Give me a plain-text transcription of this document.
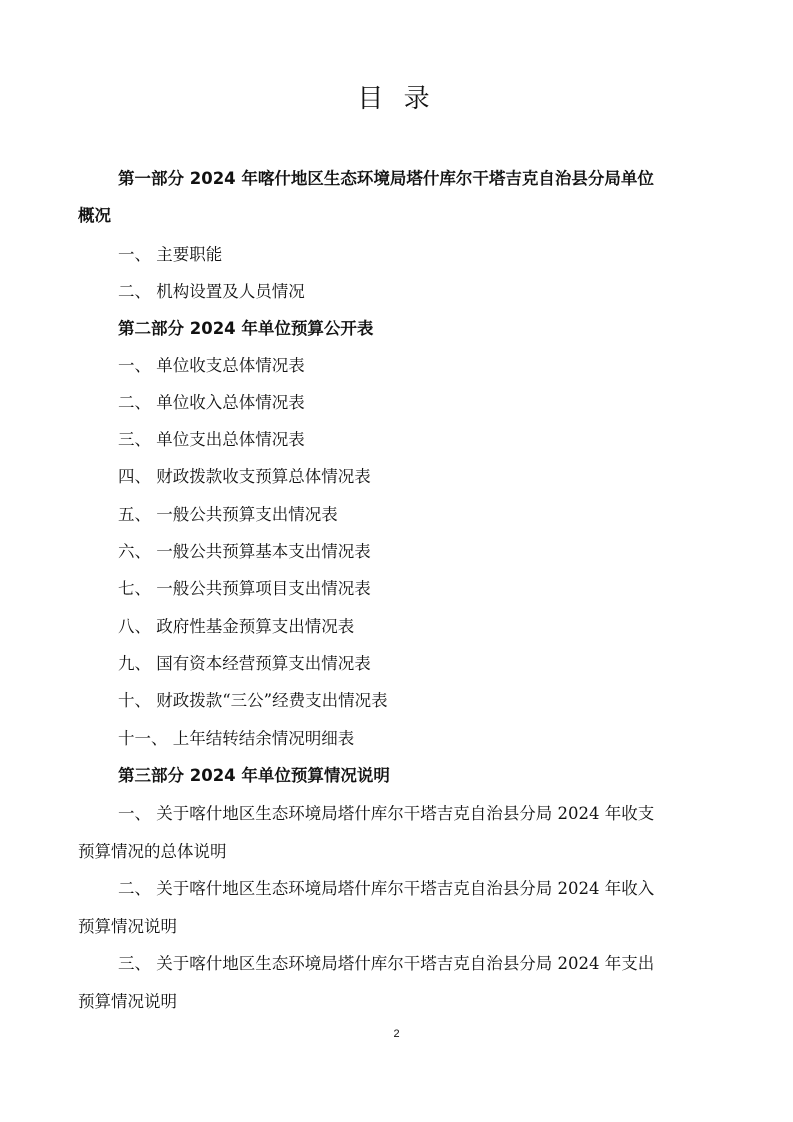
目 录
第一部分 2024 年喀什地区生态环境局塔什库尔干塔吉克自治县分局单位
概况
一、 主要职能
二、 机构设置及人员情况
第二部分 2024 年单位预算公开表
一、 单位收支总体情况表
二、 单位收入总体情况表
三、 单位支出总体情况表
四、 财政拨款收支预算总体情况表
五、 一般公共预算支出情况表
六、 一般公共预算基本支出情况表
七、 一般公共预算项目支出情况表
八、 政府性基金预算支出情况表
九、 国有资本经营预算支出情况表
十、 财政拨款“三公”经费支出情况表
十一、 上年结转结余情况明细表
第三部分 2024 年单位预算情况说明
一、 关于喀什地区生态环境局塔什库尔干塔吉克自治县分局 2024 年收支
预算情况的总体说明
二、 关于喀什地区生态环境局塔什库尔干塔吉克自治县分局 2024 年收入
预算情况说明
三、 关于喀什地区生态环境局塔什库尔干塔吉克自治县分局 2024 年支出
预算情况说明
2
